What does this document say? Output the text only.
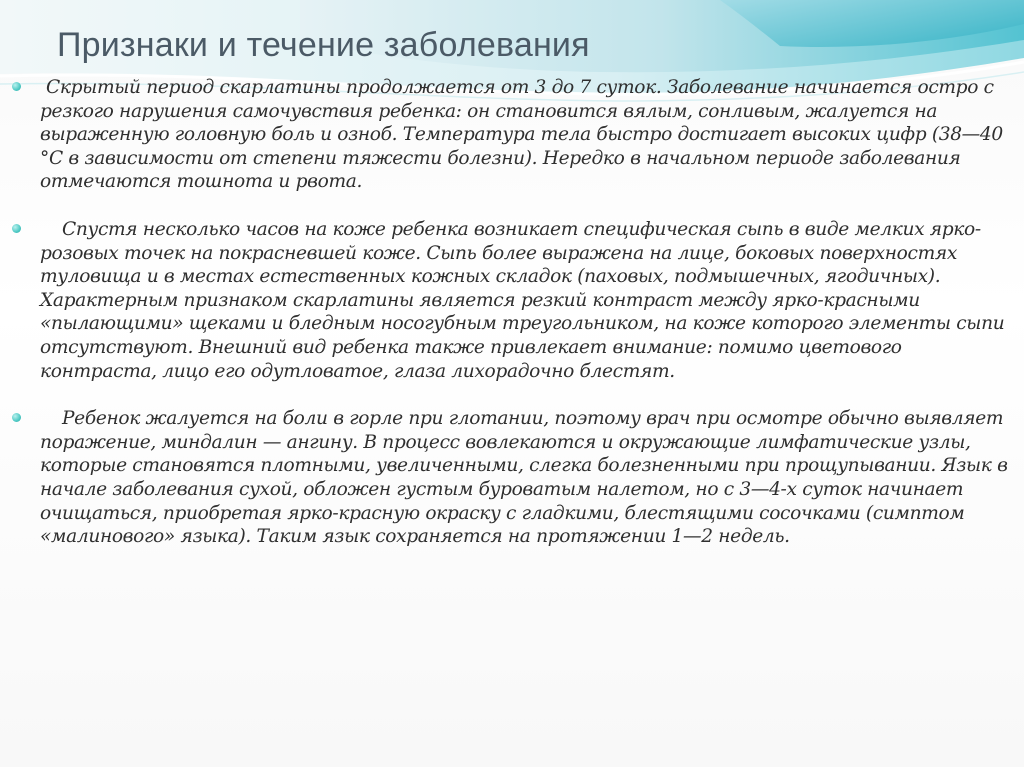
Признаки и течение заболевания
Скрытый период скарлатины продолжается от 3 до 7 суток. Заболевание начинается остро с резкого нарушения самочувствия ребенка: он становится вялым, сонливым, жалуется на выраженную головную боль и озноб. Температура тела быстро достигает высоких цифр (38—40 °С в зависимости от степени тяжести болезни). Нередко в начальном периоде заболевания отмечаются тошнота и рвота.
Спустя несколько часов на коже ребенка возникает специфическая сыпь в виде мелких ярко-розовых точек на покрасневшей коже. Сыпь более выражена на лице, боковых поверхностях туловища и в местах естественных кожных складок (паховых, подмышечных, ягодичных). Характерным признаком скарлатины является резкий контраст между ярко-красными «пылающими» щеками и бледным носогубным треугольником, на коже которого элементы сыпи отсутствуют. Внешний вид ребенка также привлекает внимание: помимо цветового контраста, лицо его одутловатое, глаза лихорадочно блестят.
Ребенок жалуется на боли в горле при глотании, поэтому врач при осмотре обычно выявляет поражение, миндалин — ангину. В процесс вовлекаются и окружающие лимфатические узлы, которые становятся плотными, увеличенными, слегка болезненными при прощупывании. Язык в начале заболевания сухой, обложен густым буроватым налетом, но с 3—4-х суток начинает очищаться, приобретая ярко-красную окраску с гладкими, блестящими сосочками (симптом «малинового» языка). Таким язык сохраняется на протяжении 1—2 недель.
